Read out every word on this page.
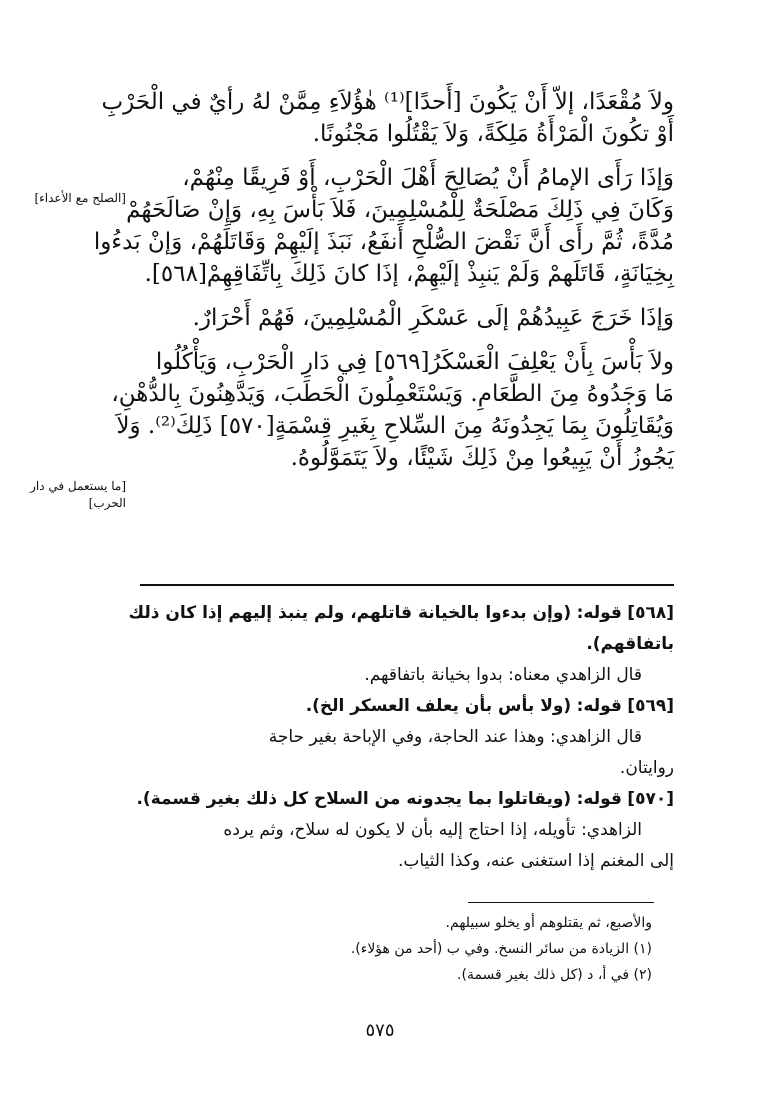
ولاَ مُقْعَدًا، إلاّ أَنْ يَكُونَ [أَحدًا]⁽¹⁾ هٰؤُلاَءِ مِمَّنْ لهُ رأيٌ في الْحَرْبِ
أَوْ تكُونَ الْمَرْأَةُ مَلِكَةً، وَلاَ يَقْتُلُوا مَجْنُونًا.
وَإذَا رَأَى الإمامُ أَنْ يُصَالِحَ أَهْلَ الْحَرْبِ، أَوْ فَرِيقًا مِنْهُمْ،
وَكَانَ فِي ذَلِكَ مَصْلَحَةٌ لِلْمُسْلِمِينَ، فَلاَ بَأْسَ بِهِ، وَإِنْ صَالَحَهُمْ
مُدَّةً، ثُمَّ رأَى أَنَّ نَقْضَ الصُّلْحِ أَنفَعُ، نَبَذَ إلَيْهِمْ وَقَاتَلَهُمْ، وَإنْ بَدءُوا
بِخِيَانَةٍ، قَاتَلَهمْ وَلَمْ يَنبِذْ إلَيْهِمْ، إذَا كانَ ذَلِكَ بِاتِّفَاقِهِمْ[٥٦٨].
وَإذَا خَرَجَ عَبِيدُهُمْ إلَى عَسْكَرِ الْمُسْلِمِينَ، فَهُمْ أَحْرَارٌ.
ولاَ بَأْسَ بِأَنْ يَعْلِفَ الْعَسْكَرُ[٥٦٩] فِي دَارِ الْحَرْبِ، وَيَأْكُلُوا
مَا وَجَدُوهُ مِنَ الطَّعَامِ. وَيَسْتَعْمِلُونَ الْحَطَبَ، وَيَدَّهِنُونَ بِالدُّهْنِ،
وَيُقَاتِلُونَ بِمَا يَجِدُونَهُ مِنَ السِّلاحِ بِغَيرِ قِسْمَةٍ[٥٧٠] ذَلِكَ⁽²⁾. وَلاَ
يَجُوزُ أَنْ يَبِيعُوا مِنْ ذَلِكَ شَيْئًا، ولاَ يَتَمَوَّلُوهُ.
[الصلح مع الأعداء]
[ما يستعمل في دار الحرب]
[٥٦٨] قوله: (وإن بدءوا بالخيانة قاتلهم، ولم ينبذ إليهم إذا كان ذلك
باتفاقهم).
قال الزاهدي معناه: بدوا بخيانة باتفاقهم.
[٥٦٩] قوله: (ولا بأس بأن يعلف العسكر الخ).
قال الزاهدي: وهذا عند الحاجة، وفي الإباحة بغير حاجة
روايتان.
[٥٧٠] قوله: (ويقاتلوا بما يجدونه من السلاح كل ذلك بغير قسمة).
الزاهدي: تأويله، إذا احتاج إليه بأن لا يكون له سلاح، وثم يرده
إلى المغنم إذا استغنى عنه، وكذا الثياب.
والأصبع، ثم يقتلوهم أو يخلو سبيلهم.
(١) الزيادة من سائر النسخ. وفي ب (أحد من هؤلاء).
(٢) في أ، د (كل ذلك بغير قسمة).
٥٧٥
